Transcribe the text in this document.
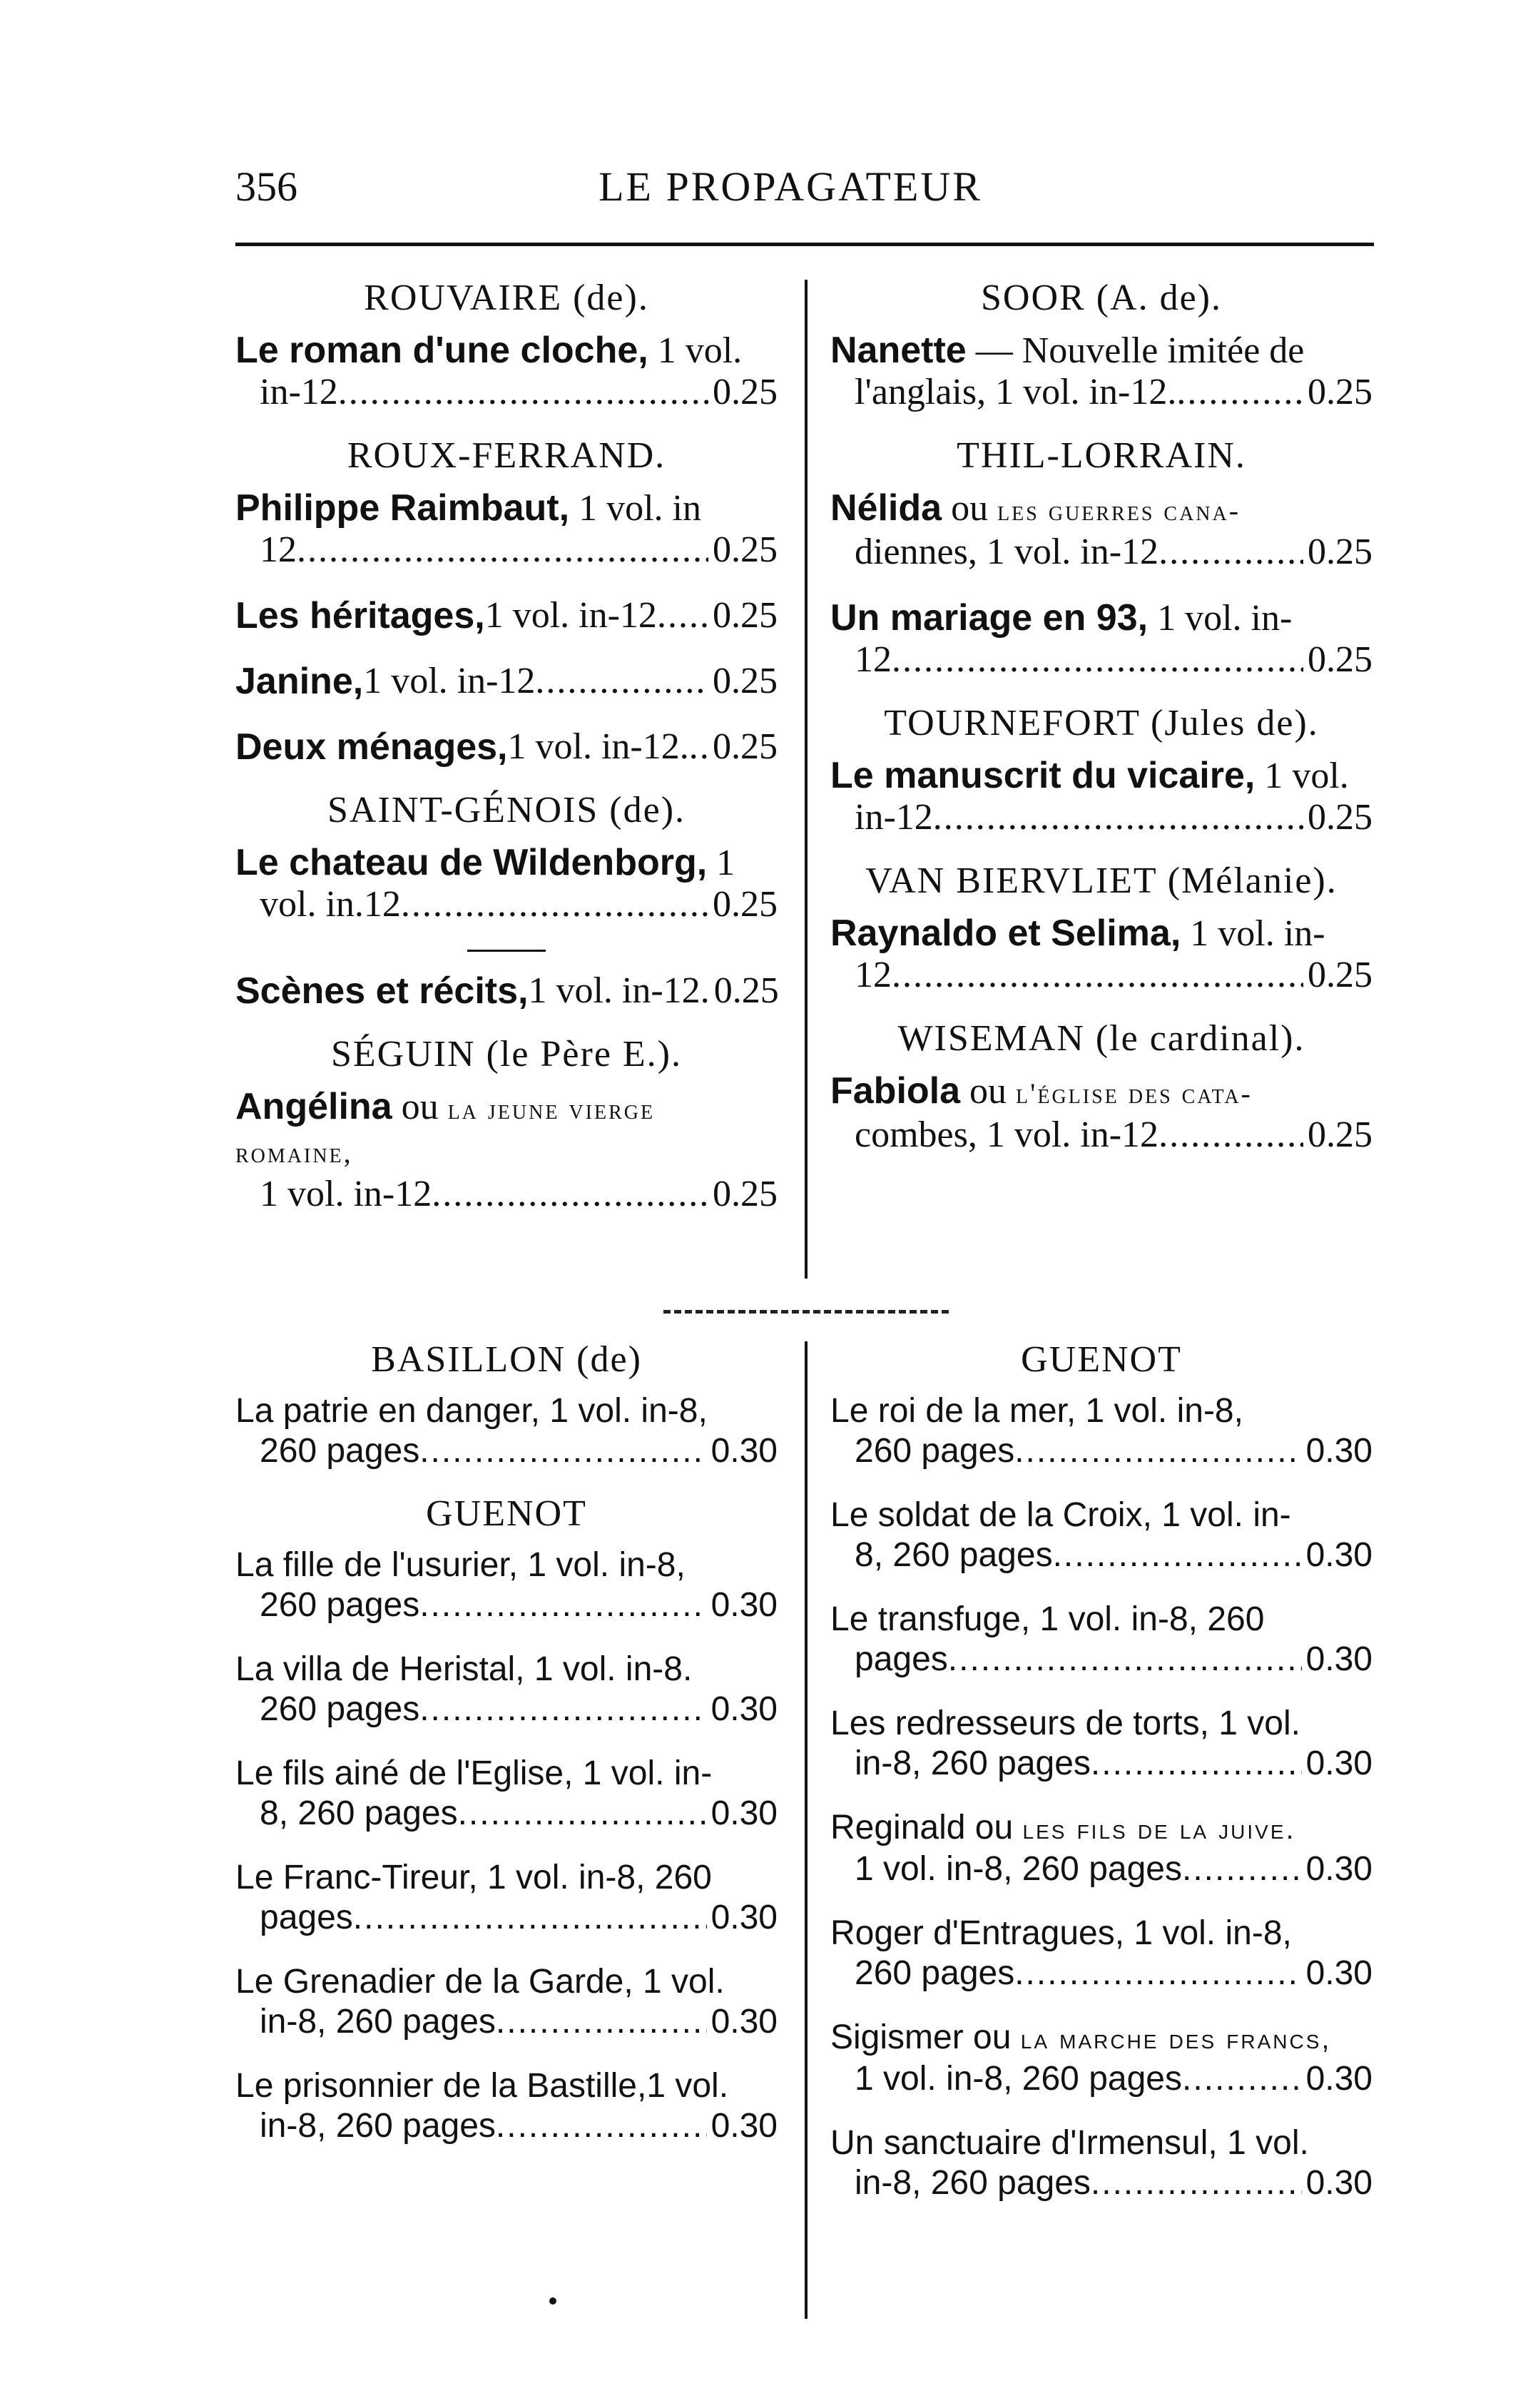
356	LE PROPAGATEUR
ROUVAIRE (de).
Le roman d'une cloche, 1 vol.
in-12 .....	0.25
ROUX-FERRAND.
Philippe Raimbaut, 1 vol. in
12 .....	0.25
Les héritages, 1 vol. in-12 ..... 0.25
Janine, 1 vol. in-12 .....	0.25
Deux ménages, 1 vol. in-12. ..... 0.25
SAINT-GÉNOIS (de).
Le chateau de Wildenborg, 1
vol. in.12 .....	0.25
Scènes et récits, 1 vol. in-12. 0.25
SÉGUIN (le Père E.).
Angélina ou la jeune vierge romaine,
1 vol. in-12 .....	0.25
SOOR (A. de).
Nanette — Nouvelle imitée de
l'anglais, 1 vol. in-12. .....	0.25
THIL-LORRAIN.
Nélida ou les guerres cana-
diennes, 1 vol. in-12 .....	0.25
Un mariage en 93, 1 vol. in-
12 .....	0.25
TOURNEFORT (Jules de).
Le manuscrit du vicaire, 1 vol.
in-12 .....	0.25
VAN BIERVLIET (Mélanie).
Raynaldo et Selima, 1 vol. in-
12 .....	0.25
WISEMAN (le cardinal).
Fabiola ou l'église des cata-
combes, 1 vol. in-12 .....	0.25
BASILLON (de)
La patrie en danger, 1 vol. in-8,
260 pages .....	0.30
GUENOT
La fille de l'usurier, 1 vol. in-8,
260 pages .....	0.30
La villa de Heristal, 1 vol. in-8.
260 pages .....	0.30
Le fils ainé de l'Eglise, 1 vol. in-
8, 260 pages .....	0.30
Le Franc-Tireur, 1 vol. in-8, 260
pages .....	0.30
Le Grenadier de la Garde, 1 vol.
in-8, 260 pages .....	0.30
Le prisonnier de la Bastille,1 vol.
in-8, 260 pages .....	0.30
GUENOT
Le roi de la mer, 1 vol. in-8,
260 pages .....	0.30
Le soldat de la Croix, 1 vol. in-
8, 260 pages .....	0.30
Le transfuge, 1 vol. in-8, 260
pages .....	0.30
Les redresseurs de torts, 1 vol.
in-8, 260 pages .....	0.30
Reginald ou les fils de la juive.
1 vol. in-8, 260 pages .....	0.30
Roger d'Entragues, 1 vol. in-8,
260 pages .....	0.30
Sigismer ou la marche des francs,
1 vol. in-8, 260 pages .....	0.30
Un sanctuaire d'Irmensul, 1 vol.
in-8, 260 pages .....	0.30
